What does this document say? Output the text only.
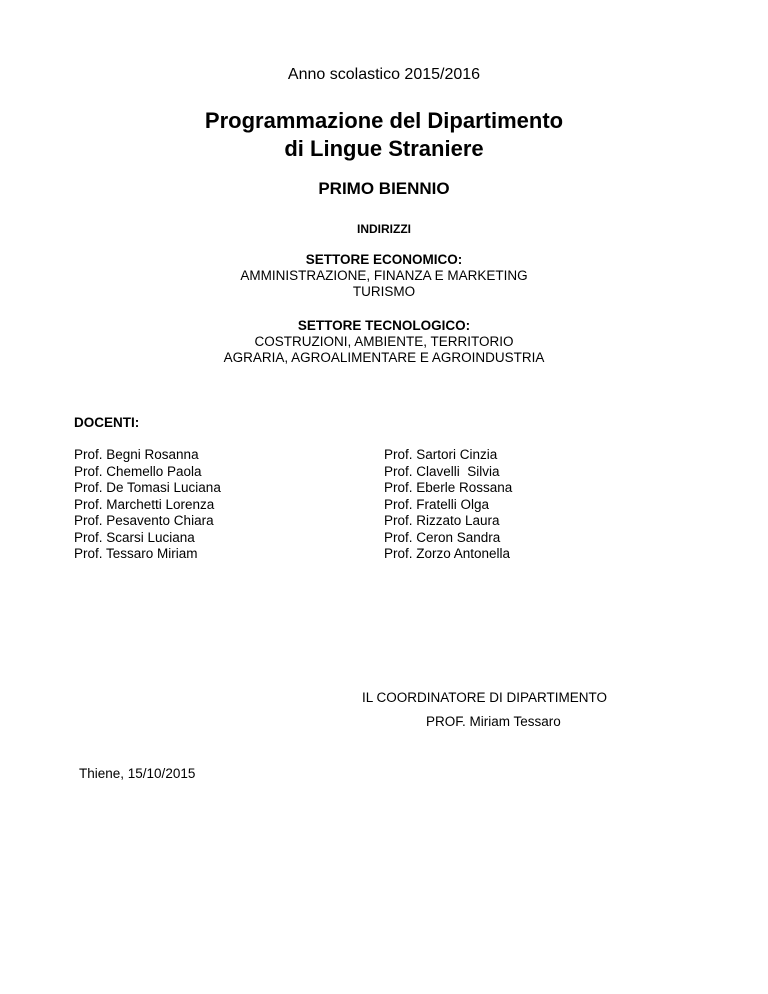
Anno scolastico 2015/2016
Programmazione del Dipartimento
di Lingue Straniere
PRIMO BIENNIO
INDIRIZZI
SETTORE ECONOMICO:
AMMINISTRAZIONE, FINANZA E MARKETING
TURISMO
SETTORE TECNOLOGICO:
COSTRUZIONI, AMBIENTE, TERRITORIO
AGRARIA, AGROALIMENTARE E AGROINDUSTRIA
DOCENTI:
Prof. Begni Rosanna
Prof. Chemello Paola
Prof. De Tomasi Luciana
Prof. Marchetti Lorenza
Prof. Pesavento Chiara
Prof. Scarsi Luciana
Prof. Tessaro Miriam
Prof. Sartori Cinzia
Prof. Clavelli  Silvia
Prof. Eberle Rossana
Prof. Fratelli Olga
Prof. Rizzato Laura
Prof. Ceron Sandra
Prof. Zorzo Antonella
IL COORDINATORE DI DIPARTIMENTO
PROF. Miriam Tessaro
Thiene, 15/10/2015
